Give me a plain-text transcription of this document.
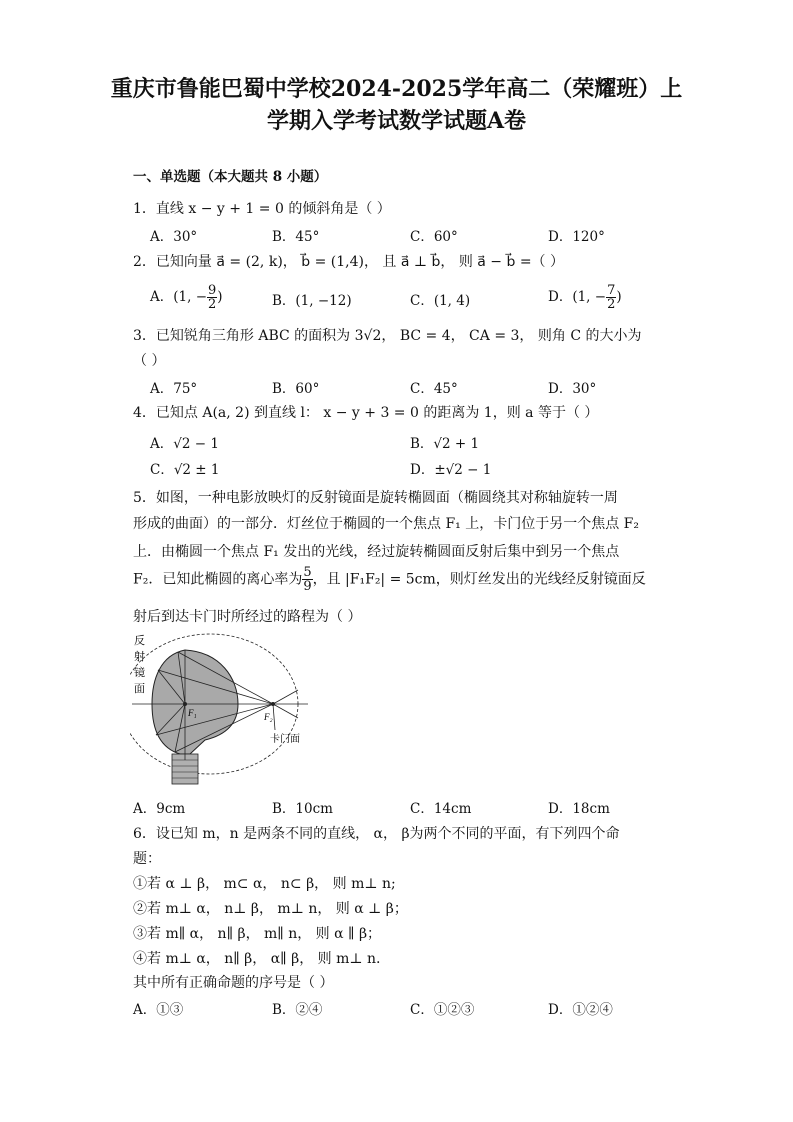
重庆市鲁能巴蜀中学校2024-2025学年高二（荣耀班）上
学期入学考试数学试题A卷
一、单选题（本大题共 8 小题）
1．直线 x − y + 1 = 0 的倾斜角是（ ）
A．30°	B．45°	C．60°	D．120°
2．已知向量 a⃗ = (2, k)， b⃗ = (1,4)， 且 a⃗ ⊥ b⃗， 则 a⃗ − b⃗ =（ ）
A．(1, − $\frac{9}{2}$ )	B．(1, −12)	C．(1, 4)	D．(1, − $\frac{7}{2}$ )
3．已知锐角三角形 ABC 的面积为 3√2， BC = 4， CA = 3， 则角 C 的大小为
（ ）
A．75°	B．60°	C．45°	D．30°
4．已知点 A(a, 2) 到直线 l： x − y + 3 = 0 的距离为 1，则 a 等于（ ）
A．√2 − 1	B．√2 + 1
C．√2 ± 1	D．±√2 − 1
5．如图，一种电影放映灯的反射镜面是旋转椭圆面（椭圆绕其对称轴旋转一周
形成的曲面）的一部分．灯丝位于椭圆的一个焦点 F₁ 上，卡门位于另一个焦点 F₂
上．由椭圆一个焦点 F₁ 发出的光线，经过旋转椭圆面反射后集中到另一个焦点
F₂．已知此椭圆的离心率为 $\frac{5}{9}$ ，且 |F₁F₂| = 5cm，则灯丝发出的光线经反射镜面反
射后到达卡门时所经过的路程为（ ）
F₁	F₂
卡门面
反
射
镜
面
A．9cm	B．10cm	C．14cm	D．18cm
6．设已知 m，n 是两条不同的直线， α， β为两个不同的平面，有下列四个命
题：
①若 α ⊥ β， m⊂ α， n⊂ β， 则 m⊥ n;
②若 m⊥ α， n⊥ β， m⊥ n， 则 α ⊥ β；
③若 m∥ α， n∥ β， m∥ n， 则 α ∥ β；
④若 m⊥ α， n∥ β， α∥ β， 则 m⊥ n.
其中所有正确命题的序号是（ ）
A．①③	B．②④	C．①②③	D．①②④
